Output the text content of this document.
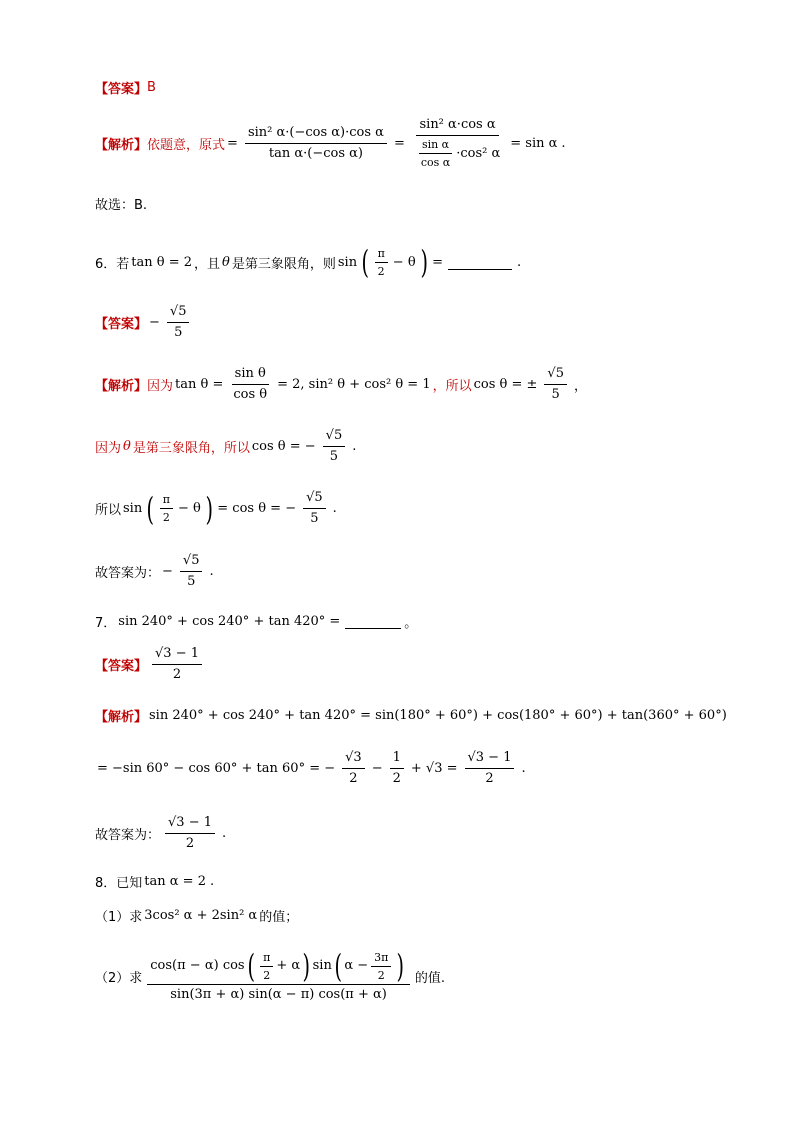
【答案】 B
【解析】 依题意，原式 = $\frac{\text{sin² α·(−cos α)·cos α}}{\text{tan α·(−cos α)}} = \frac{\text{sin² α·cos α}}{\frac{\text{sin α}}{\text{cos α}} \cdot\cos^2 \alpha} = \sin \alpha$ .
故选：B.
6．若 tan θ = 2 ，且 θ 是第三象限角，则 sin ( $\frac{\pi}{2} - \theta$ ) =	.
【答案】 − $\frac{√5}{5}$
【解析】 因为 $\tan \theta = \frac{\text{sin θ}}{\text{cos θ}} = 2$, sin² θ + cos² θ = 1 ，所以 cos θ = ± $\frac{√5}{5}$ ，
因为 θ 是第三象限角，所以 cos θ = − $\frac{√5}{5}$ .
所以 sin ( $\frac{\pi}{2} - \theta$ ) = cos θ = − $\frac{√5}{5}$ .
故答案为： − $\frac{√5}{5}$ .
7． sin 240° + cos 240° + tan 420° =	。
【答案】 $\frac{√3 - 1}{2}$
【解析】 sin 240° + cos 240° + tan 420° = sin(180° + 60°) + cos(180° + 60°) + tan(360° + 60°)
= −sin 60° − cos 60° + tan 60° = − $\frac{√3}{2} - \frac{1}{2} + √3 = \frac{√3 - 1}{2}$ .
故答案为： $\frac{√3 - 1}{2}$ .
8．已知 tan α = 2 .
（1）求 3cos² α + 2sin² α 的值；
（2）求
cos(π − α) cos ( $\frac{\pi}{2} + \alpha$ ) sin ( $\alpha - \frac{3\pi}{2}$ )
sin(3π + α) sin(α − π) cos(π + α)
的值.
